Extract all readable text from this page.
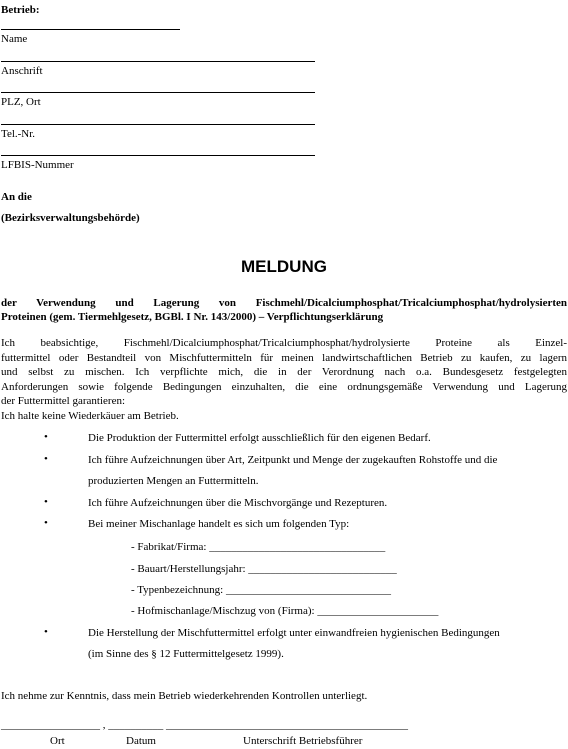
Betrieb:
Name
Anschrift
PLZ, Ort
Tel.-Nr.
LFBIS-Nummer
An die
(Bezirksverwaltungsbehörde)
MELDUNG

der Verwendung und Lagerung von Fischmehl/Dicalciumphosphat/Tricalciumphosphat/hydrolysierten

Proteinen (gem. Tiermehlgesetz, BGBl. I Nr. 143/2000) – Verpflichtungserklärung

Ich beabsichtige, Fischmehl/Dicalciumphosphat/Tricalciumphosphat/hydrolysierte Proteine als Einzel-

futtermittel oder Bestandteil von Mischfuttermitteln für meinen landwirtschaftlichen Betrieb zu kaufen, zu lagern

und selbst zu mischen. Ich verpflichte mich, die in der Verordnung nach o.a. Bundesgesetz festgelegten

Anforderungen sowie folgende Bedingungen einzuhalten, die eine ordnungsgemäße Verwendung und Lagerung

der Futtermittel garantieren:

Ich halte keine Wiederkäuer am Betrieb.

•	Die Produktion der Futtermittel erfolgt ausschließlich für den eigenen Bedarf.
•	Ich führe Aufzeichnungen über Art, Zeitpunkt und Menge der zugekauften Rohstoffe und die
produzierten Mengen an Futtermitteln.
•	Ich führe Aufzeichnungen über die Mischvorgänge und Rezepturen.
•	Bei meiner Mischanlage handelt es sich um folgenden Typ:
- Fabrikat/Firma: ________________________________
- Bauart/Herstellungsjahr: ___________________________
- Typenbezeichnung: ______________________________
- Hofmischanlage/Mischzug von (Firma): ______________________
•	Die Herstellung der Mischfuttermittel erfolgt unter einwandfreien hygienischen Bedingungen
(im Sinne des § 12 Futtermittelgesetz 1999).
Ich nehme zur Kenntnis, dass mein Betrieb wiederkehrenden Kontrollen unterliegt.
__________________ , __________ ____________________________________________
Ort	Datum	Unterschrift Betriebsführer
